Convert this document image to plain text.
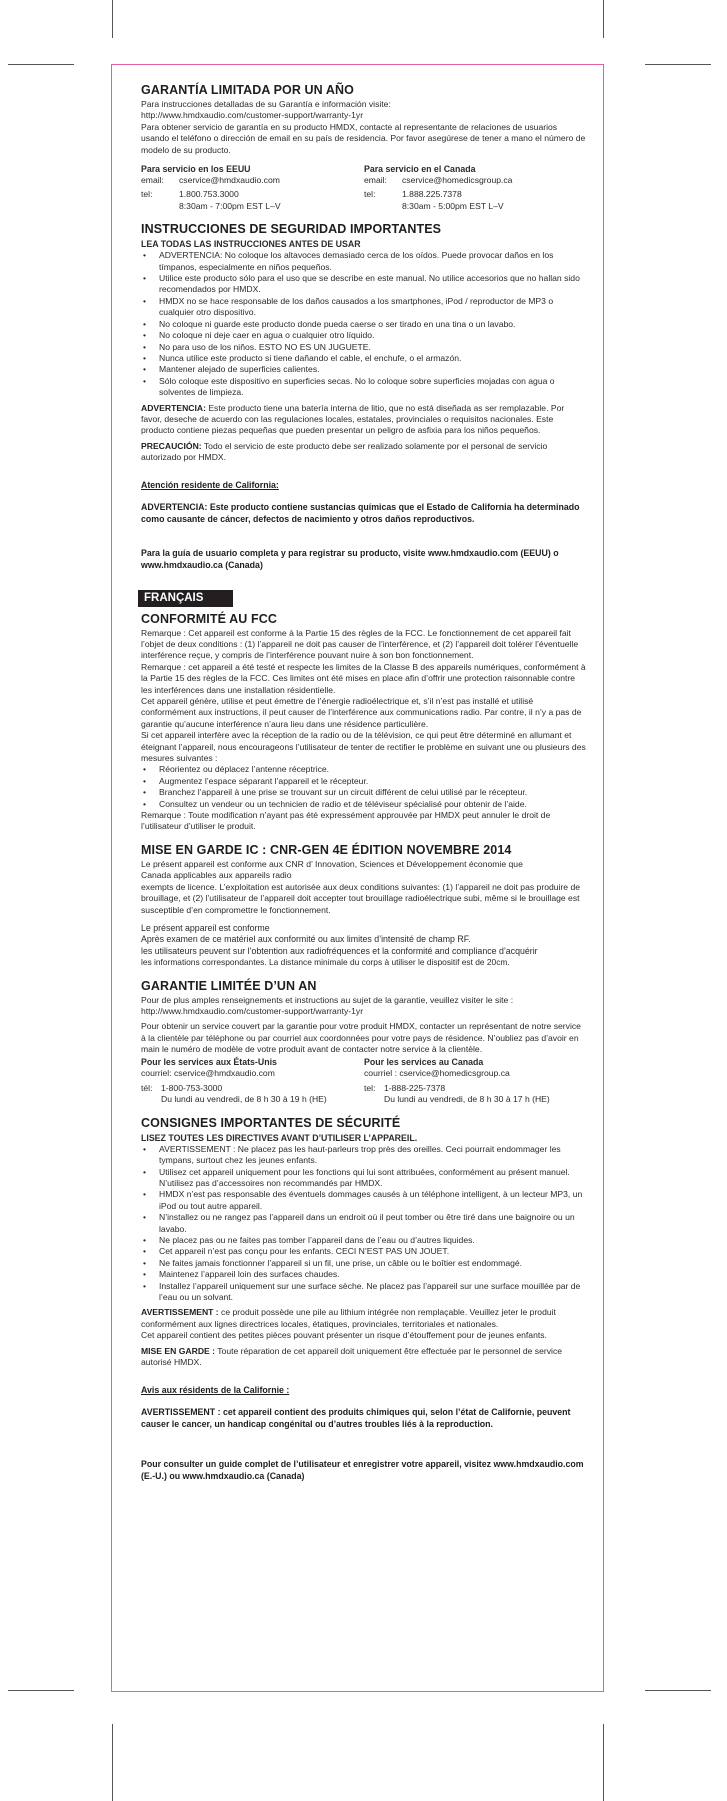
GARANTÍA LIMITADA POR UN AÑO

Para instrucciones detalladas de su Garantía e información visite:

http://www.hmdxaudio.com/customer-support/warranty-1yr

Para obtener servicio de garantía en su producto HMDX, contacte al representante de relaciones de usuarios usando el teléfono o dirección de email en su país de residencia. Por favor asegúrese de tener a mano el número de modelo de su producto.

Para servicio en los EEUU

email:	cservice@hmdxaudio.com
tel:	1.800.753.3000
8:30am - 7:00pm EST L–V

Para servicio en el Canada

email:	cservice@homedicsgroup.ca
tel:	1.888.225.7378
8:30am - 5:00pm EST L–V
INSTRUCCIONES DE SEGURIDAD IMPORTANTES

LEA TODAS LAS INSTRUCCIONES ANTES DE USAR

• ADVERTENCIA: No coloque los altavoces demasiado cerca de los oídos. Puede provocar daños en los tímpanos, especialmente en niños pequeños.
• Utilice este producto sólo para el uso que se describe en este manual. No utilice accesorios que no hallan sido recomendados por HMDX.
• HMDX no se hace responsable de los daños causados a los smartphones, iPod / reproductor de MP3 o cualquier otro dispositivo.
• No coloque ni guarde este producto donde pueda caerse o ser tirado en una tina o un lavabo.
• No coloque ni deje caer en agua o cualquier otro líquido.
• No para uso de los niños. ESTO NO ES UN JUGUETE.
• Nunca utilice este producto si tiene dañando el cable, el enchufe, o el armazón.
• Mantener alejado de superficies calientes.
• Sólo coloque este dispositivo en superficies secas. No lo coloque sobre superficies mojadas con agua o solventes de limpieza.

ADVERTENCIA: Este producto tiene una batería interna de litio, que no está diseñada as ser remplazable. Por favor, deseche de acuerdo con las regulaciones locales, estatales, provinciales o requisitos nacionales. Este producto contiene piezas pequeñas que pueden presentar un peligro de asfixia para los niños pequeños.

PRECAUCIÓN: Todo el servicio de este producto debe ser realizado solamente por el personal de servicio autorizado por HMDX.

Atención residente de California:

ADVERTENCIA: Este producto contiene sustancias químicas que el Estado de California ha determinado como causante de cáncer, defectos de nacimiento y otros daños reproductivos.

Para la guía de usuario completa y para registrar su producto, visite www.hmdxaudio.com (EEUU) o www.hmdxaudio.ca (Canada)

FRANÇAIS
CONFORMITÉ AU FCC

Remarque : Cet appareil est conforme à la Partie 15 des règles de la FCC. Le fonctionnement de cet appareil fait l’objet de deux conditions : (1) l’appareil ne doit pas causer de l’interférence, et (2) l’appareil doit tolérer l’éventuelle interférence reçue, y compris de l’interférence pouvant nuire à son bon fonctionnement.

Remarque : cet appareil a été testé et respecte les limites de la Classe B des appareils numériques, conformément à la Partie 15 des règles de la FCC. Ces limites ont été mises en place afin d’offrir une protection raisonnable contre les interférences dans une installation résidentielle.

Cet appareil génère, utilise et peut émettre de l’énergie radioélectrique et, s’il n’est pas installé et utilisé conformément aux instructions, il peut causer de l’interférence aux communications radio. Par contre, il n’y a pas de garantie qu’aucune interférence n’aura lieu dans une résidence particulière.

Si cet appareil interfère avec la réception de la radio ou de la télévision, ce qui peut être déterminé en allumant et éteignant l’appareil, nous encourageons l’utilisateur de tenter de rectifier le problème en suivant une ou plusieurs des mesures suivantes :

• Réorientez ou déplacez l’antenne réceptrice.
• Augmentez l’espace séparant l’appareil et le récepteur.
• Branchez l’appareil à une prise se trouvant sur un circuit différent de celui utilisé par le récepteur.
• Consultez un vendeur ou un technicien de radio et de téléviseur spécialisé pour obtenir de l’aide.

Remarque : Toute modification n’ayant pas été expressément approuvée par HMDX peut annuler le droit de l’utilisateur d’utiliser le produit.

MISE EN GARDE IC : CNR-GEN 4E ÉDITION NOVEMBRE 2014

Le présent appareil est conforme aux CNR d’ Innovation, Sciences et Développement économie que Canada applicables aux appareils radio

exempts de licence. L’exploitation est autorisée aux deux conditions suivantes: (1) l’appareil ne doit pas produire de brouillage, et (2) l’utilisateur de l’appareil doit accepter tout brouillage radioélectrique subi, même si le brouillage est susceptible d’en compromettre le fonctionnement.

Le présent appareil est conforme

Après examen de ce matériel aux conformité ou aux limites d’intensité de champ RF.

les utilisateurs peuvent sur l’obtention aux radiofréquences et la conformité and compliance d’acquérir

les informations correspondantes. La distance minimale du corps à utiliser le dispositif est de 20cm.

GARANTIE LIMITÉE D’UN AN

Pour de plus amples renseignements et instructions au sujet de la garantie, veuillez visiter le site : http://www.hmdxaudio.com/customer-support/warranty-1yr

Pour obtenir un service couvert par la garantie pour votre produit HMDX, contacter un représentant de notre service à la clientèle par téléphone ou par courriel aux coordonnées pour votre pays de résidence. N’oubliez pas d’avoir en main le numéro de modèle de votre produit avant de contacter notre service à la clientèle.

Pour les services aux États-Unis

courriel: cservice@hmdxaudio.com

tél: 1-800-753-3000
Du lundi au vendredi, de 8 h 30 à 19 h (HE)

Pour les services au Canada

courriel : cservice@homedicsgroup.ca

tel: 1-888-225-7378
Du lundi au vendredi, de 8 h 30 à 17 h (HE)
CONSIGNES IMPORTANTES DE SÉCURITÉ

LISEZ TOUTES LES DIRECTIVES AVANT D’UTILISER L’APPAREIL.

• AVERTISSEMENT : Ne placez pas les haut-parleurs trop près des oreilles. Ceci pourrait endommager les tympans, surtout chez les jeunes enfants.
• Utilisez cet appareil uniquement pour les fonctions qui lui sont attribuées, conformément au présent manuel. N’utilisez pas d’accessoires non recommandés par HMDX.
• HMDX n’est pas responsable des éventuels dommages causés à un téléphone intelligent, à un lecteur MP3, un iPod ou tout autre appareil.
• N’installez ou ne rangez pas l’appareil dans un endroit où il peut tomber ou être tiré dans une baignoire ou un lavabo.
• Ne placez pas ou ne faites pas tomber l’appareil dans de l’eau ou d’autres liquides.
• Cet appareil n’est pas conçu pour les enfants. CECI N’EST PAS UN JOUET.
• Ne faites jamais fonctionner l’appareil si un fil, une prise, un câble ou le boîtier est endommagé.
• Maintenez l’appareil loin des surfaces chaudes.
• Installez l’appareil uniquement sur une surface sèche. Ne placez pas l’appareil sur une surface mouillée par de l’eau ou un solvant.

AVERTISSEMENT : ce produit possède une pile au lithium intégrée non remplaçable. Veuillez jeter le produit conformément aux lignes directrices locales, étatiques, provinciales, territoriales et nationales.

Cet appareil contient des petites pièces pouvant présenter un risque d’étouffement pour de jeunes enfants.

MISE EN GARDE : Toute réparation de cet appareil doit uniquement être effectuée par le personnel de service autorisé HMDX.

Avis aux résidents de la Californie :

AVERTISSEMENT : cet appareil contient des produits chimiques qui, selon l’état de Californie, peuvent causer le cancer, un handicap congénital ou d’autres troubles liés à la reproduction.

Pour consulter un guide complet de l’utilisateur et enregistrer votre appareil, visitez www.hmdxaudio.com (E.-U.) ou www.hmdxaudio.ca (Canada)
